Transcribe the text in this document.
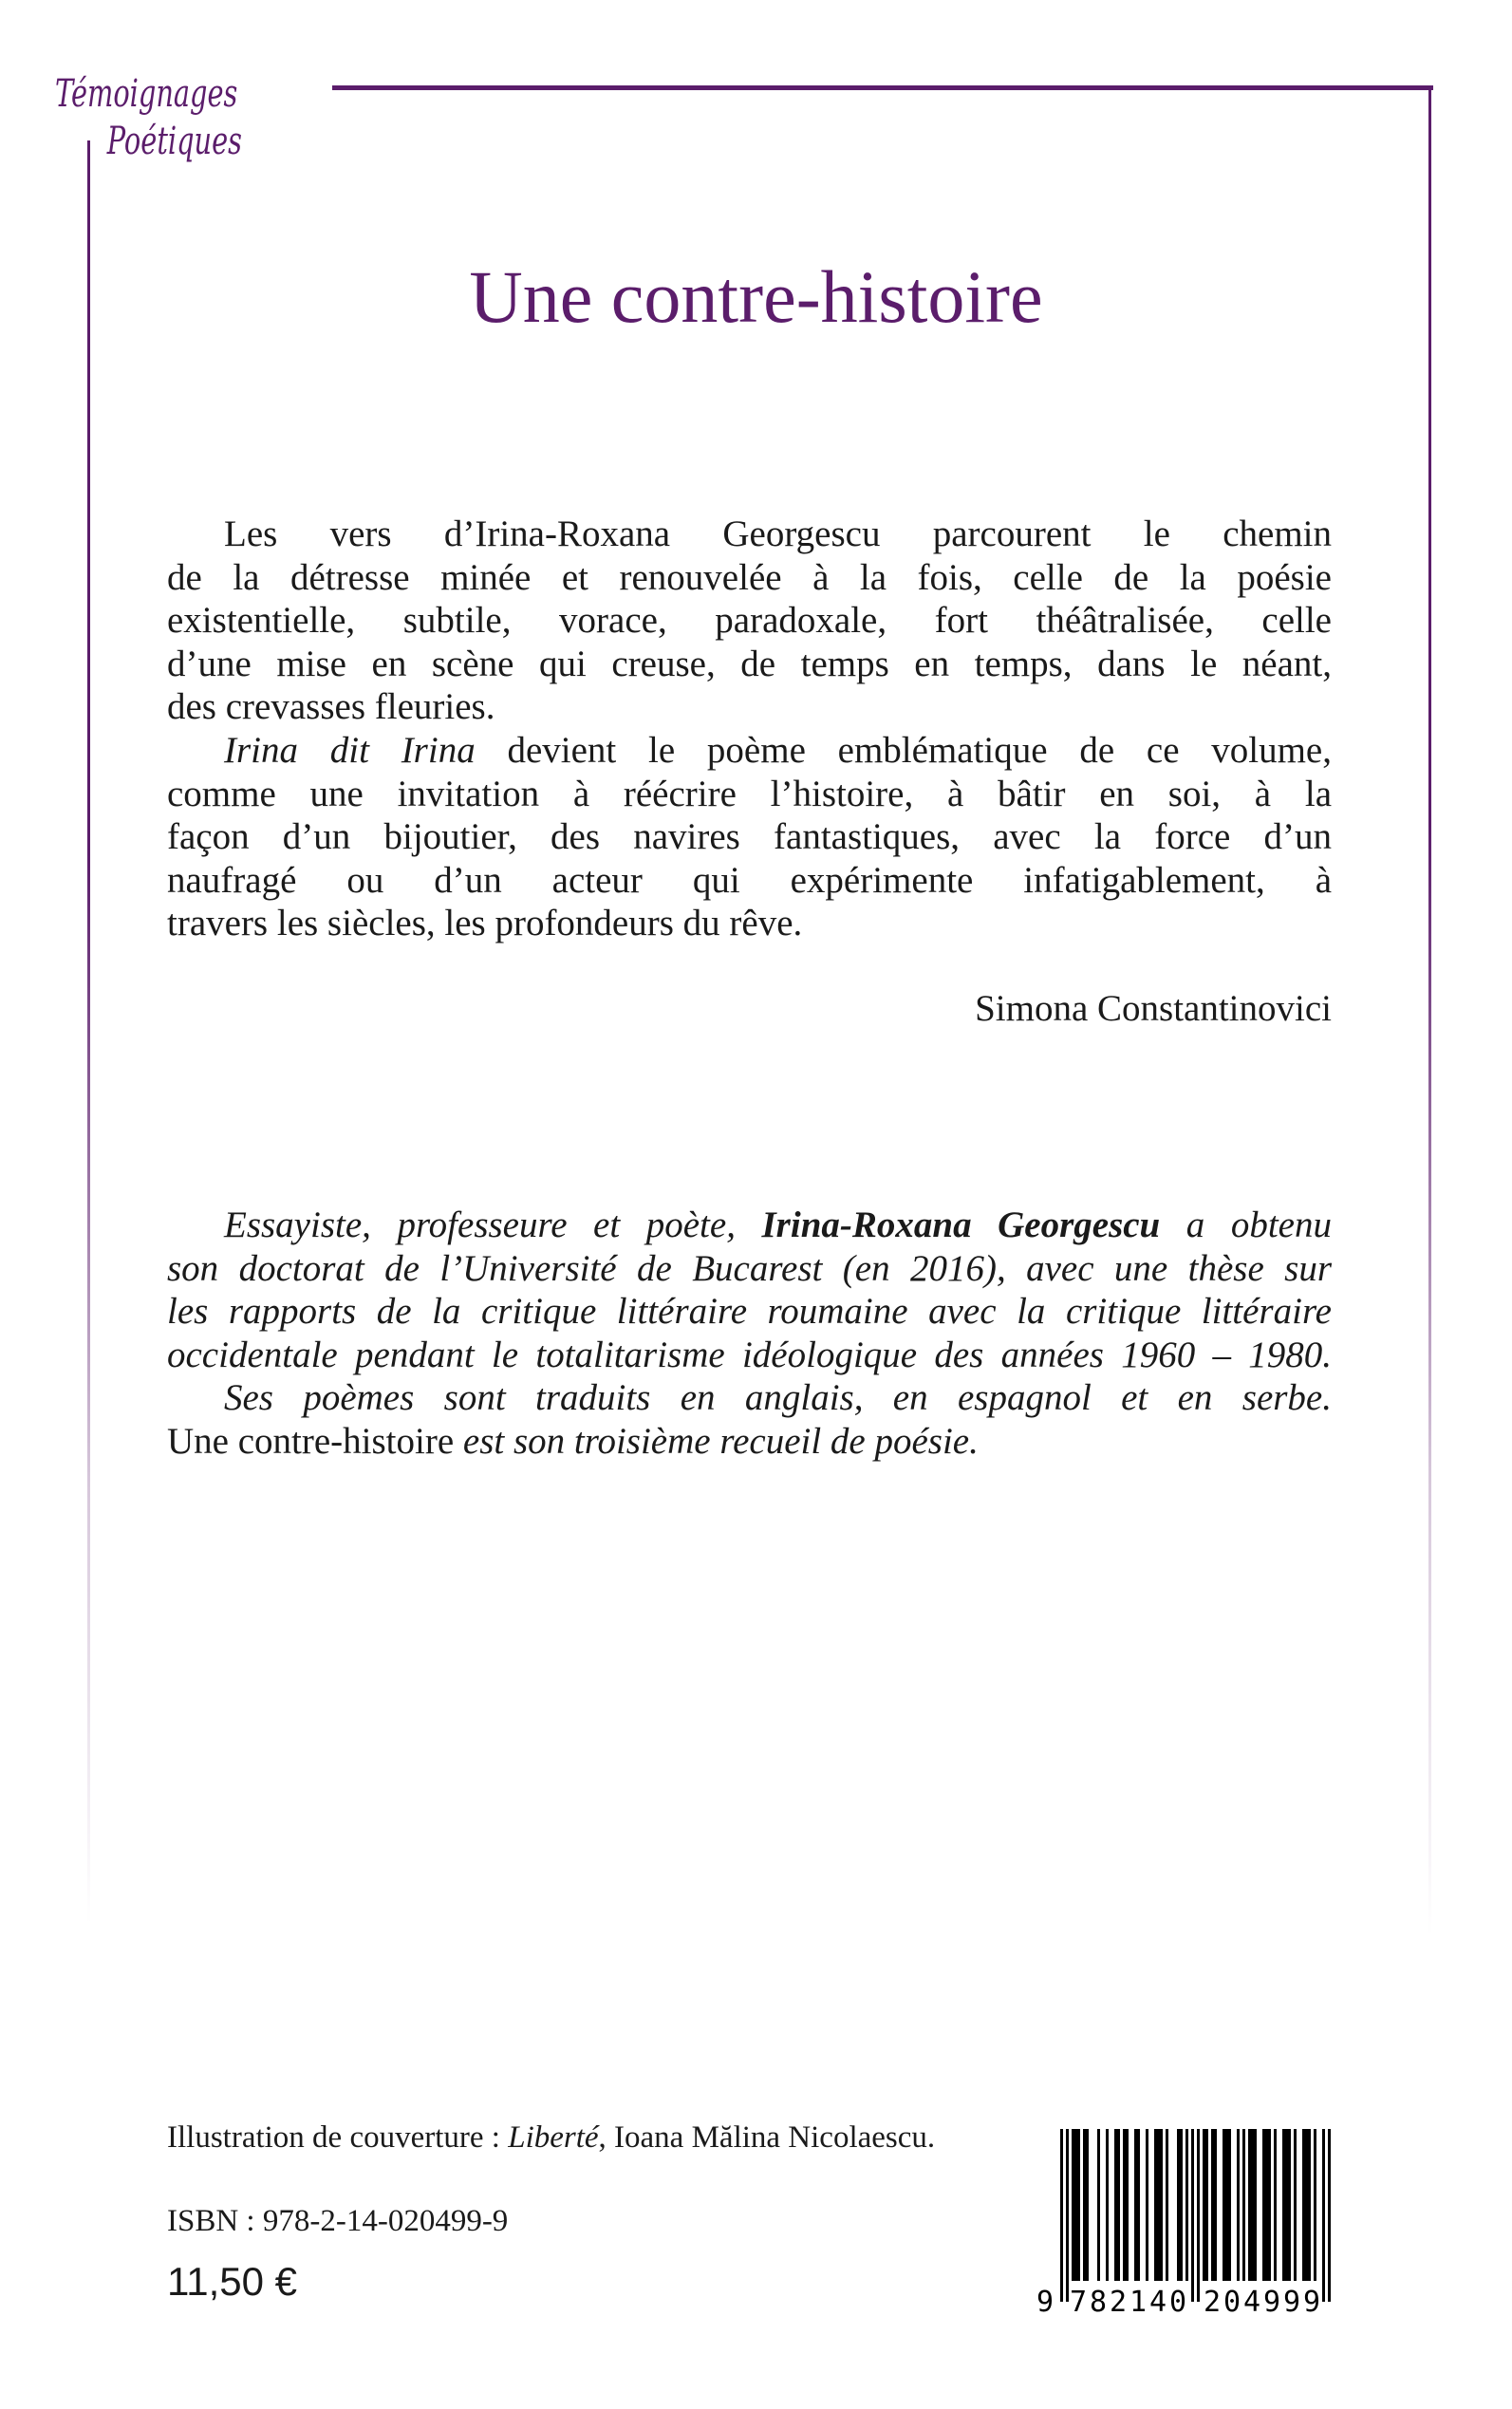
Témoignages
Poétiques
Une contre-histoire
Les vers d’Irina-Roxana Georgescu parcourent le chemin
de la détresse minée et renouvelée à la fois, celle de la poésie
existentielle, subtile, vorace, paradoxale, fort théâtralisée, celle
d’une mise en scène qui creuse, de temps en temps, dans le néant,
des crevasses fleuries.
Irina dit Irina devient le poème emblématique de ce volume,
comme une invitation à réécrire l’histoire, à bâtir en soi, à la
façon d’un bijoutier, des navires fantastiques, avec la force d’un
naufragé ou d’un acteur qui expérimente infatigablement, à
travers les siècles, les profondeurs du rêve.
Simona Constantinovici
Essayiste, professeure et poète, Irina-Roxana Georgescu a obtenu
son doctorat de l’Université de Bucarest (en 2016), avec une thèse sur
les rapports de la critique littéraire roumaine avec la critique littéraire
occidentale pendant le totalitarisme idéologique des années 1960 – 1980.
Ses poèmes sont traduits en anglais, en espagnol et en serbe.
Une contre-histoire est son troisième recueil de poésie.
Illustration de couverture : Liberté, Ioana Mălina Nicolaescu.
ISBN : 978-2-14-020499-9
11,50 €	9 7 8 2 1 4 0 2 0 4 9 9 9
